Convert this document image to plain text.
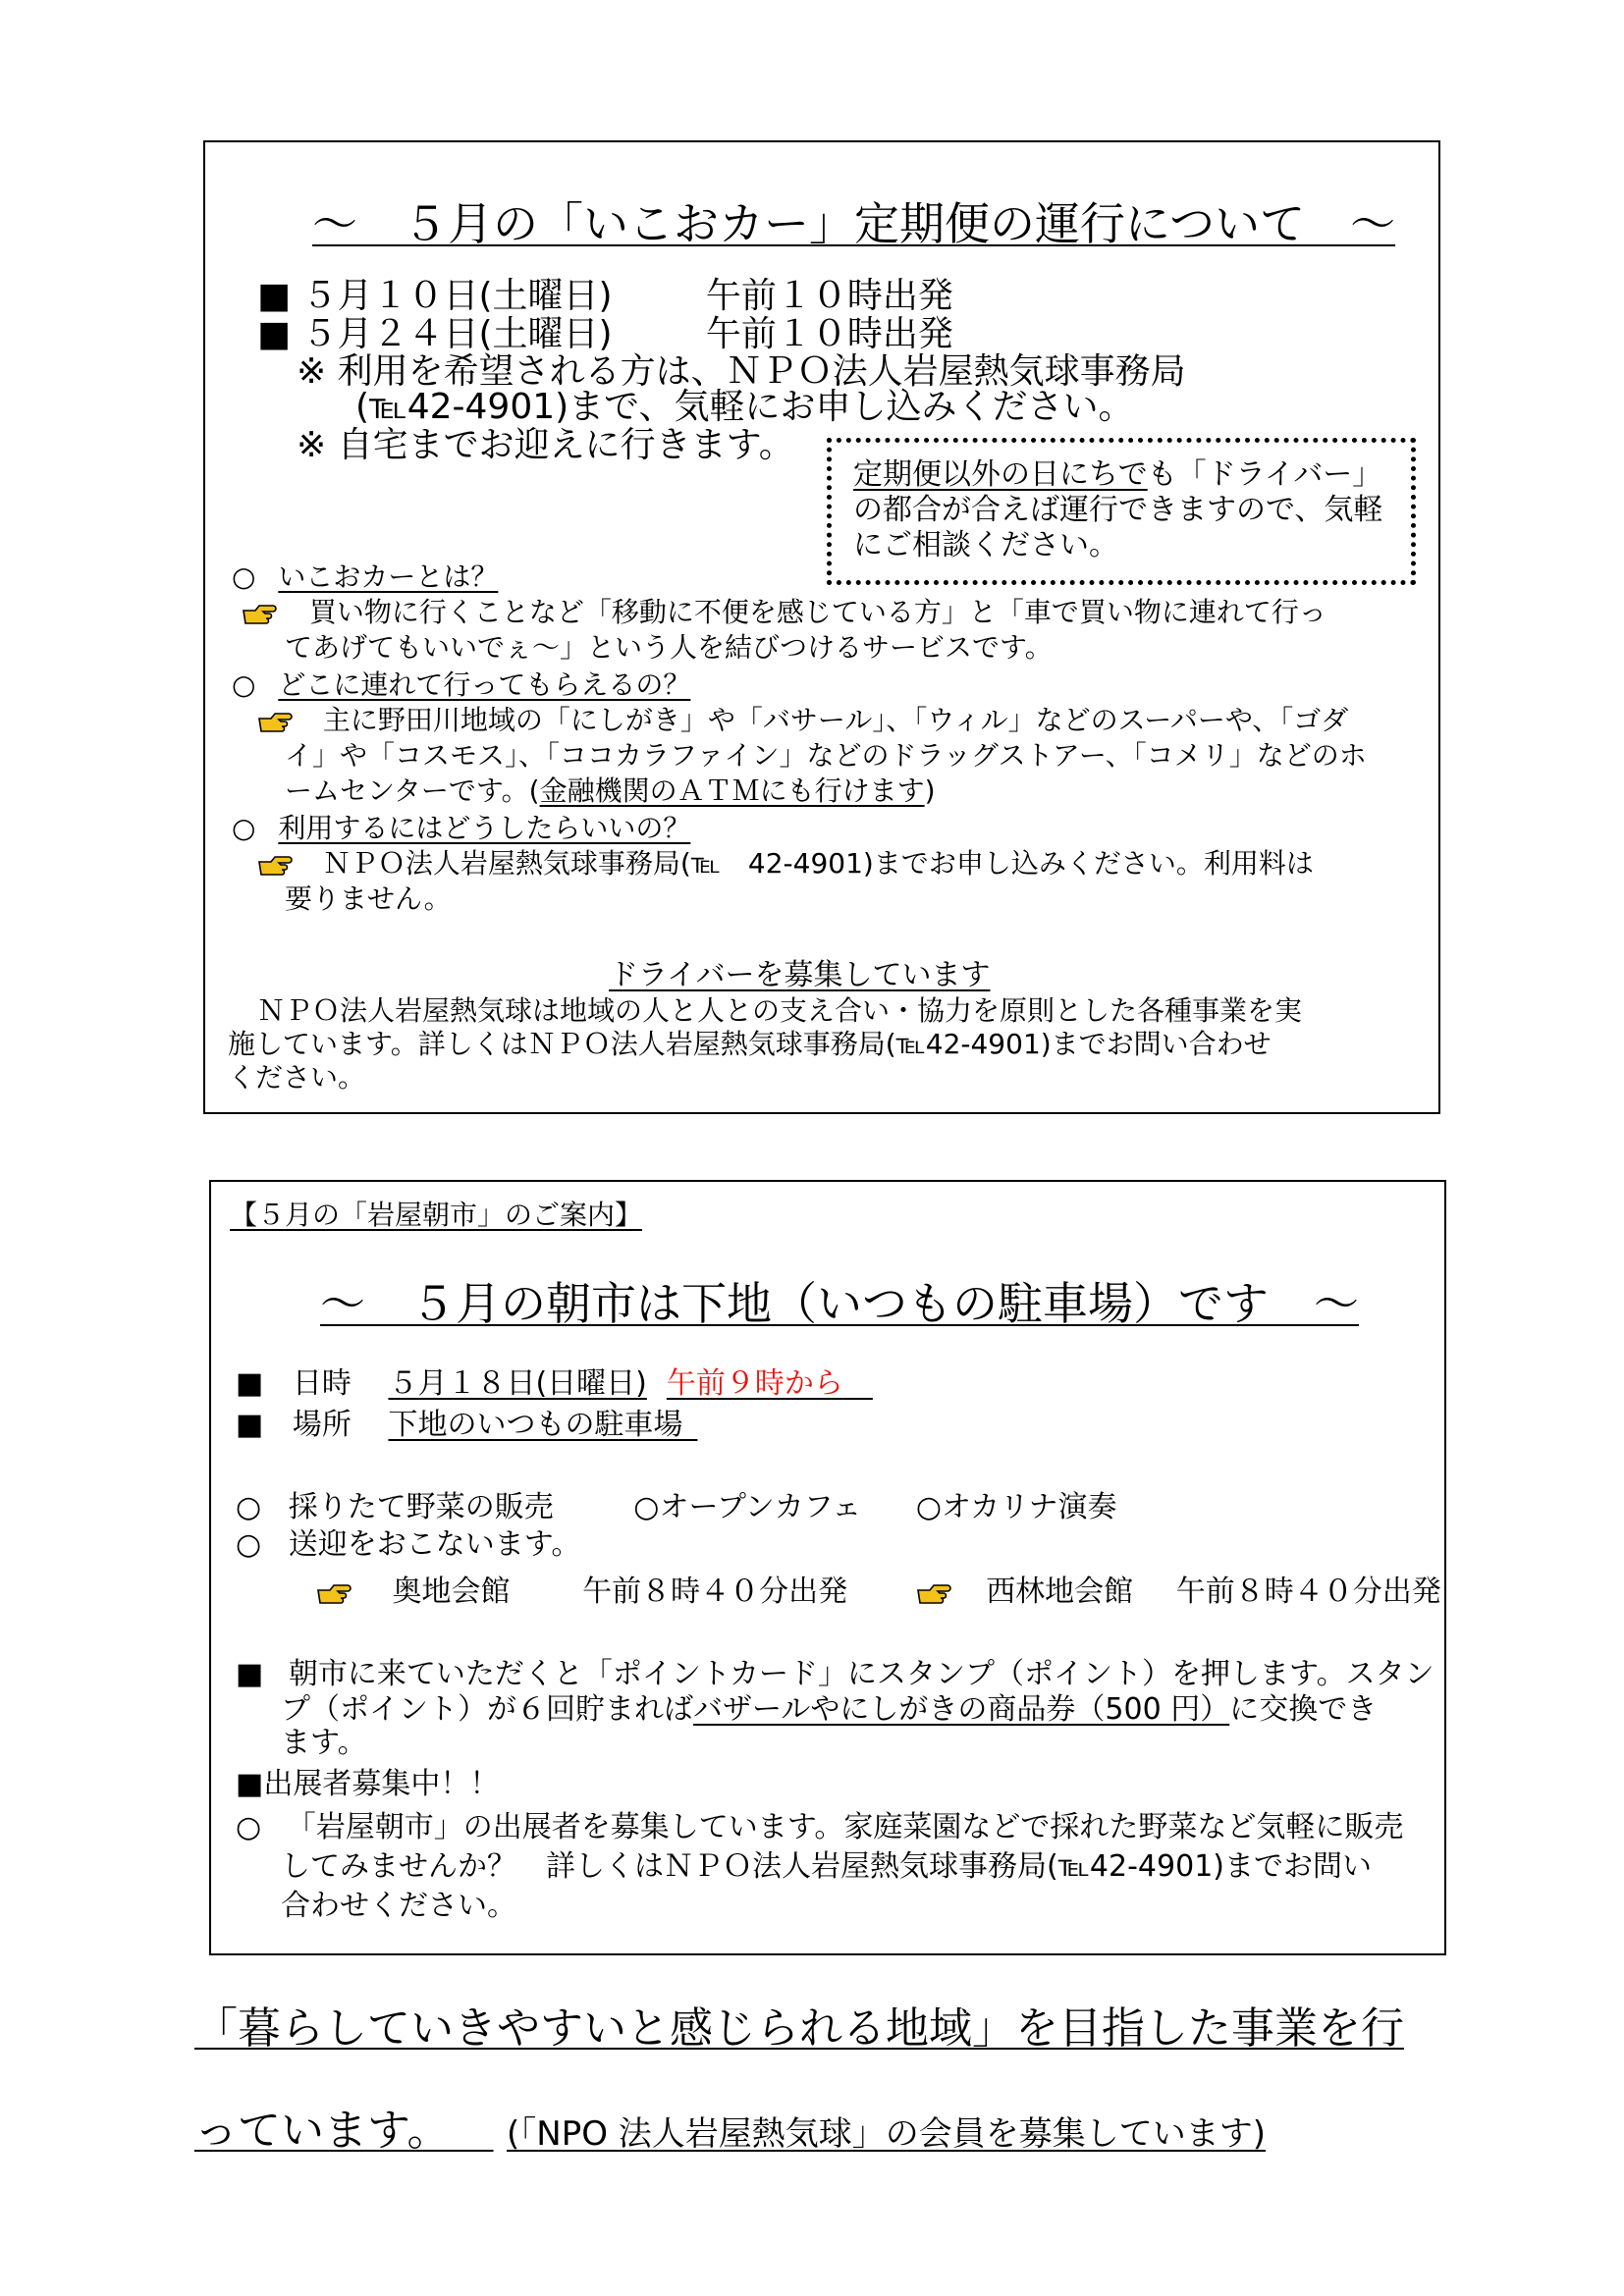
～　５月の「いこおカー」定期便の運行について　～
■ ５月１０日(土曜日)	午前１０時出発
■ ５月２４日(土曜日)	午前１０時出発
※ 利用を希望される方は、ＮＰＯ法人岩屋熱気球事務局
(℡42-4901)まで、気軽にお申し込みください。
※ 自宅までお迎えに行きます。
定期便以外の日にちでも「ドライバー」
の都合が合えば運行できますので、気軽
にご相談ください。
○ いこおカーとは？
買い物に行くことなど「移動に不便を感じている方」と「車で買い物に連れて行っ
てあげてもいいでぇ～」という人を結びつけるサービスです。
○ どこに連れて行ってもらえるの？
主に野田川地域の「にしがき」や「バサール」、「ウィル」などのスーパーや、「ゴダ
イ」や「コスモス」、「ココカラファイン」などのドラッグストアー、「コメリ」などのホ
ームセンターです。(金融機関のＡＴＭにも行けます)
○ 利用するにはどうしたらいいの？
ＮＰＯ法人岩屋熱気球事務局(℡　42-4901)までお申し込みください。利用料は
要りません。
ドライバーを募集しています
ＮＰＯ法人岩屋熱気球は地域の人と人との支え合い・協力を原則とした各種事業を実
施しています。詳しくはＮＰＯ法人岩屋熱気球事務局(℡42-4901)までお問い合わせ
ください。
【５月の「岩屋朝市」のご案内】
～　５月の朝市は下地（いつもの駐車場）です　～
■ 日時 ５月１８日(日曜日) 午前９時から 
■ 場所 下地のいつもの駐車場 
○ 採りたて野菜の販売	○オープンカフェ ○オカリナ演奏
○ 送迎をおこないます。
奥地会館 午前８時４０分出発	西林地会館 午前８時４０分出発
■ 朝市に来ていただくと「ポイントカード」にスタンプ（ポイント）を押します。スタン
プ（ポイント）が６回貯まればバザールやにしがきの商品券（500 円）に交換でき
ます。
■出展者募集中！！
○ 「岩屋朝市」の出展者を募集しています。家庭菜園などで採れた野菜など気軽に販売
してみませんか？　詳しくはＮＰＯ法人岩屋熱気球事務局(℡42-4901)までお問い
合わせください。
「暮らしていきやすいと感じられる地域」を目指した事業を行
っています。 	(「NPO 法人岩屋熱気球」の会員を募集しています)
